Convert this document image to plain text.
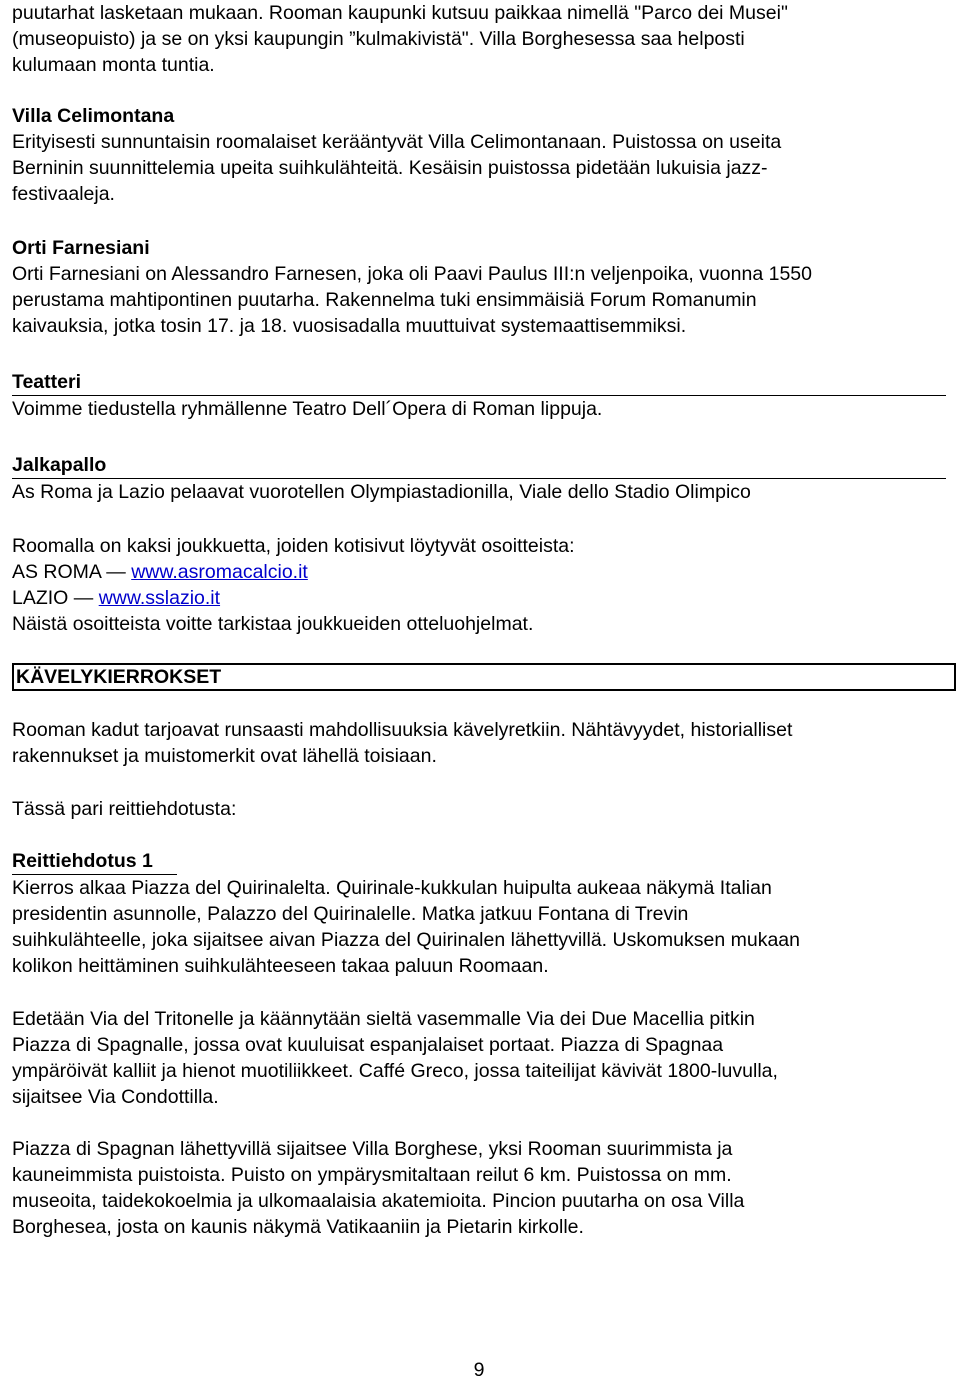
puutarhat lasketaan mukaan. Rooman kaupunki kutsuu paikkaa nimellä "Parco dei Musei"

(museopuisto) ja se on yksi kaupungin ”kulmakivistä". Villa Borghesessa saa helposti

kulumaan monta tuntia.

Villa Celimontana

Erityisesti sunnuntaisin roomalaiset kerääntyvät Villa Celimontanaan. Puistossa on useita

Berninin suunnittelemia upeita suihkulähteitä. Kesäisin puistossa pidetään lukuisia jazz-

festivaaleja.

Orti Farnesiani

Orti Farnesiani on Alessandro Farnesen, joka oli Paavi Paulus III:n veljenpoika, vuonna 1550

perustama mahtipontinen puutarha. Rakennelma tuki ensimmäisiä Forum Romanumin

kaivauksia, jotka tosin 17. ja 18. vuosisadalla muuttuivat systemaattisemmiksi.

Teatteri

Voimme tiedustella ryhmällenne Teatro Dell´Opera di Roman lippuja.

Jalkapallo

As Roma ja Lazio pelaavat vuorotellen Olympiastadionilla, Viale dello Stadio Olimpico

Roomalla on kaksi joukkuetta, joiden kotisivut löytyvät osoitteista:

AS ROMA — www.asromacalcio.it

LAZIO — www.sslazio.it

Näistä osoitteista voitte tarkistaa joukkueiden otteluohjelmat.

KÄVELYKIERROKSET

Rooman kadut tarjoavat runsaasti mahdollisuuksia kävelyretkiin. Nähtävyydet, historialliset

rakennukset ja muistomerkit ovat lähellä toisiaan.

Tässä pari reittiehdotusta:

Reittiehdotus 1

Kierros alkaa Piazza del Quirinalelta. Quirinale-kukkulan huipulta aukeaa näkymä Italian

presidentin asunnolle, Palazzo del Quirinalelle. Matka jatkuu Fontana di Trevin

suihkulähteelle, joka sijaitsee aivan Piazza del Quirinalen lähettyvillä. Uskomuksen mukaan

kolikon heittäminen suihkulähteeseen takaa paluun Roomaan.

Edetään Via del Tritonelle ja käännytään sieltä vasemmalle Via dei Due Macellia pitkin

Piazza di Spagnalle, jossa ovat kuuluisat espanjalaiset portaat. Piazza di Spagnaa

ympäröivät kalliit ja hienot muotiliikkeet. Caffé Greco, jossa taiteilijat kävivät 1800-luvulla,

sijaitsee Via Condottilla.

Piazza di Spagnan lähettyvillä sijaitsee Villa Borghese, yksi Rooman suurimmista ja

kauneimmista puistoista. Puisto on ympärysmitaltaan reilut 6 km. Puistossa on mm.

museoita, taidekokoelmia ja ulkomaalaisia akatemioita. Pincion puutarha on osa Villa

Borghesea, josta on kaunis näkymä Vatikaaniin ja Pietarin kirkolle.

9
